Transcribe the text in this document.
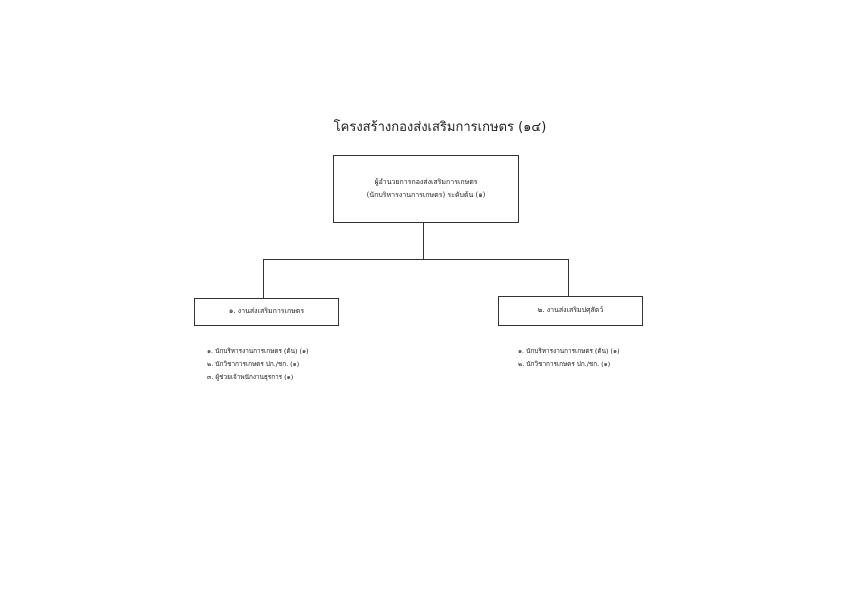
โครงสร้างกองส่งเสริมการเกษตร (๑๔)
ผู้อำนวยการกองส่งเสริมการเกษตร
(นักบริหารงานการเกษตร) ระดับต้น (๑)
๑. งานส่งเสริมการเกษตร	๒. งานส่งเสริมปศุสัตว์
๑. นักบริหารงานการเกษตร (ต้น) (๑)
๒. นักวิชาการเกษตร ปก./ชก. (๑)
๓. ผู้ช่วยเจ้าพนักงานธุรการ (๑)
๑. นักบริหารงานการเกษตร (ต้น) (๑)
๒. นักวิชาการเกษตร ปก./ชก. (๑)
